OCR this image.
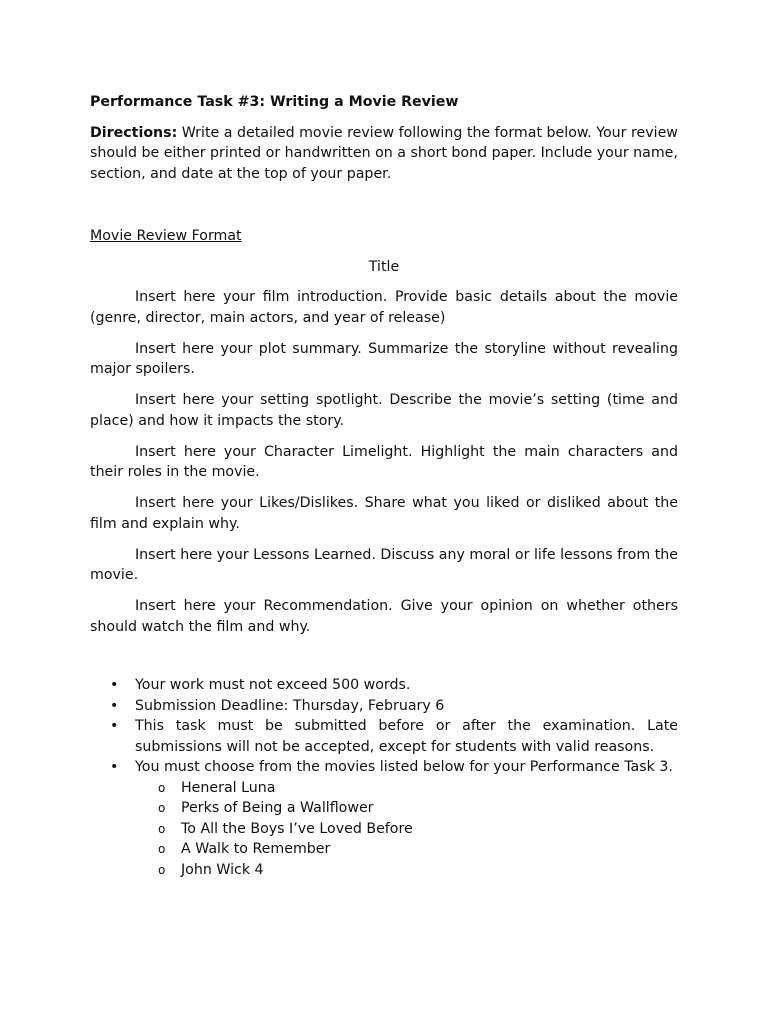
Performance Task #3: Writing a Movie Review

Directions: Write a detailed movie review following the format below. Your review should be either printed or handwritten on a short bond paper. Include your name, section, and date at the top of your paper.

Movie Review Format

Title

Insert here your film introduction. Provide basic details about the movie (genre, director, main actors, and year of release)

Insert here your plot summary. Summarize the storyline without revealing major spoilers.

Insert here your setting spotlight. Describe the movie’s setting (time and place) and how it impacts the story.

Insert here your Character Limelight. Highlight the main characters and their roles in the movie.

Insert here your Likes/Dislikes. Share what you liked or disliked about the film and explain why.

Insert here your Lessons Learned. Discuss any moral or life lessons from the movie.

Insert here your Recommendation. Give your opinion on whether others should watch the film and why.

• Your work must not exceed 500 words.
• Submission Deadline: Thursday, February 6
• This task must be submitted before or after the examination. Late submissions will not be accepted, except for students with valid reasons.
• You must choose from the movies listed below for your Performance Task 3.
o Heneral Luna
o Perks of Being a Wallflower
o To All the Boys I’ve Loved Before
o A Walk to Remember
o John Wick 4
